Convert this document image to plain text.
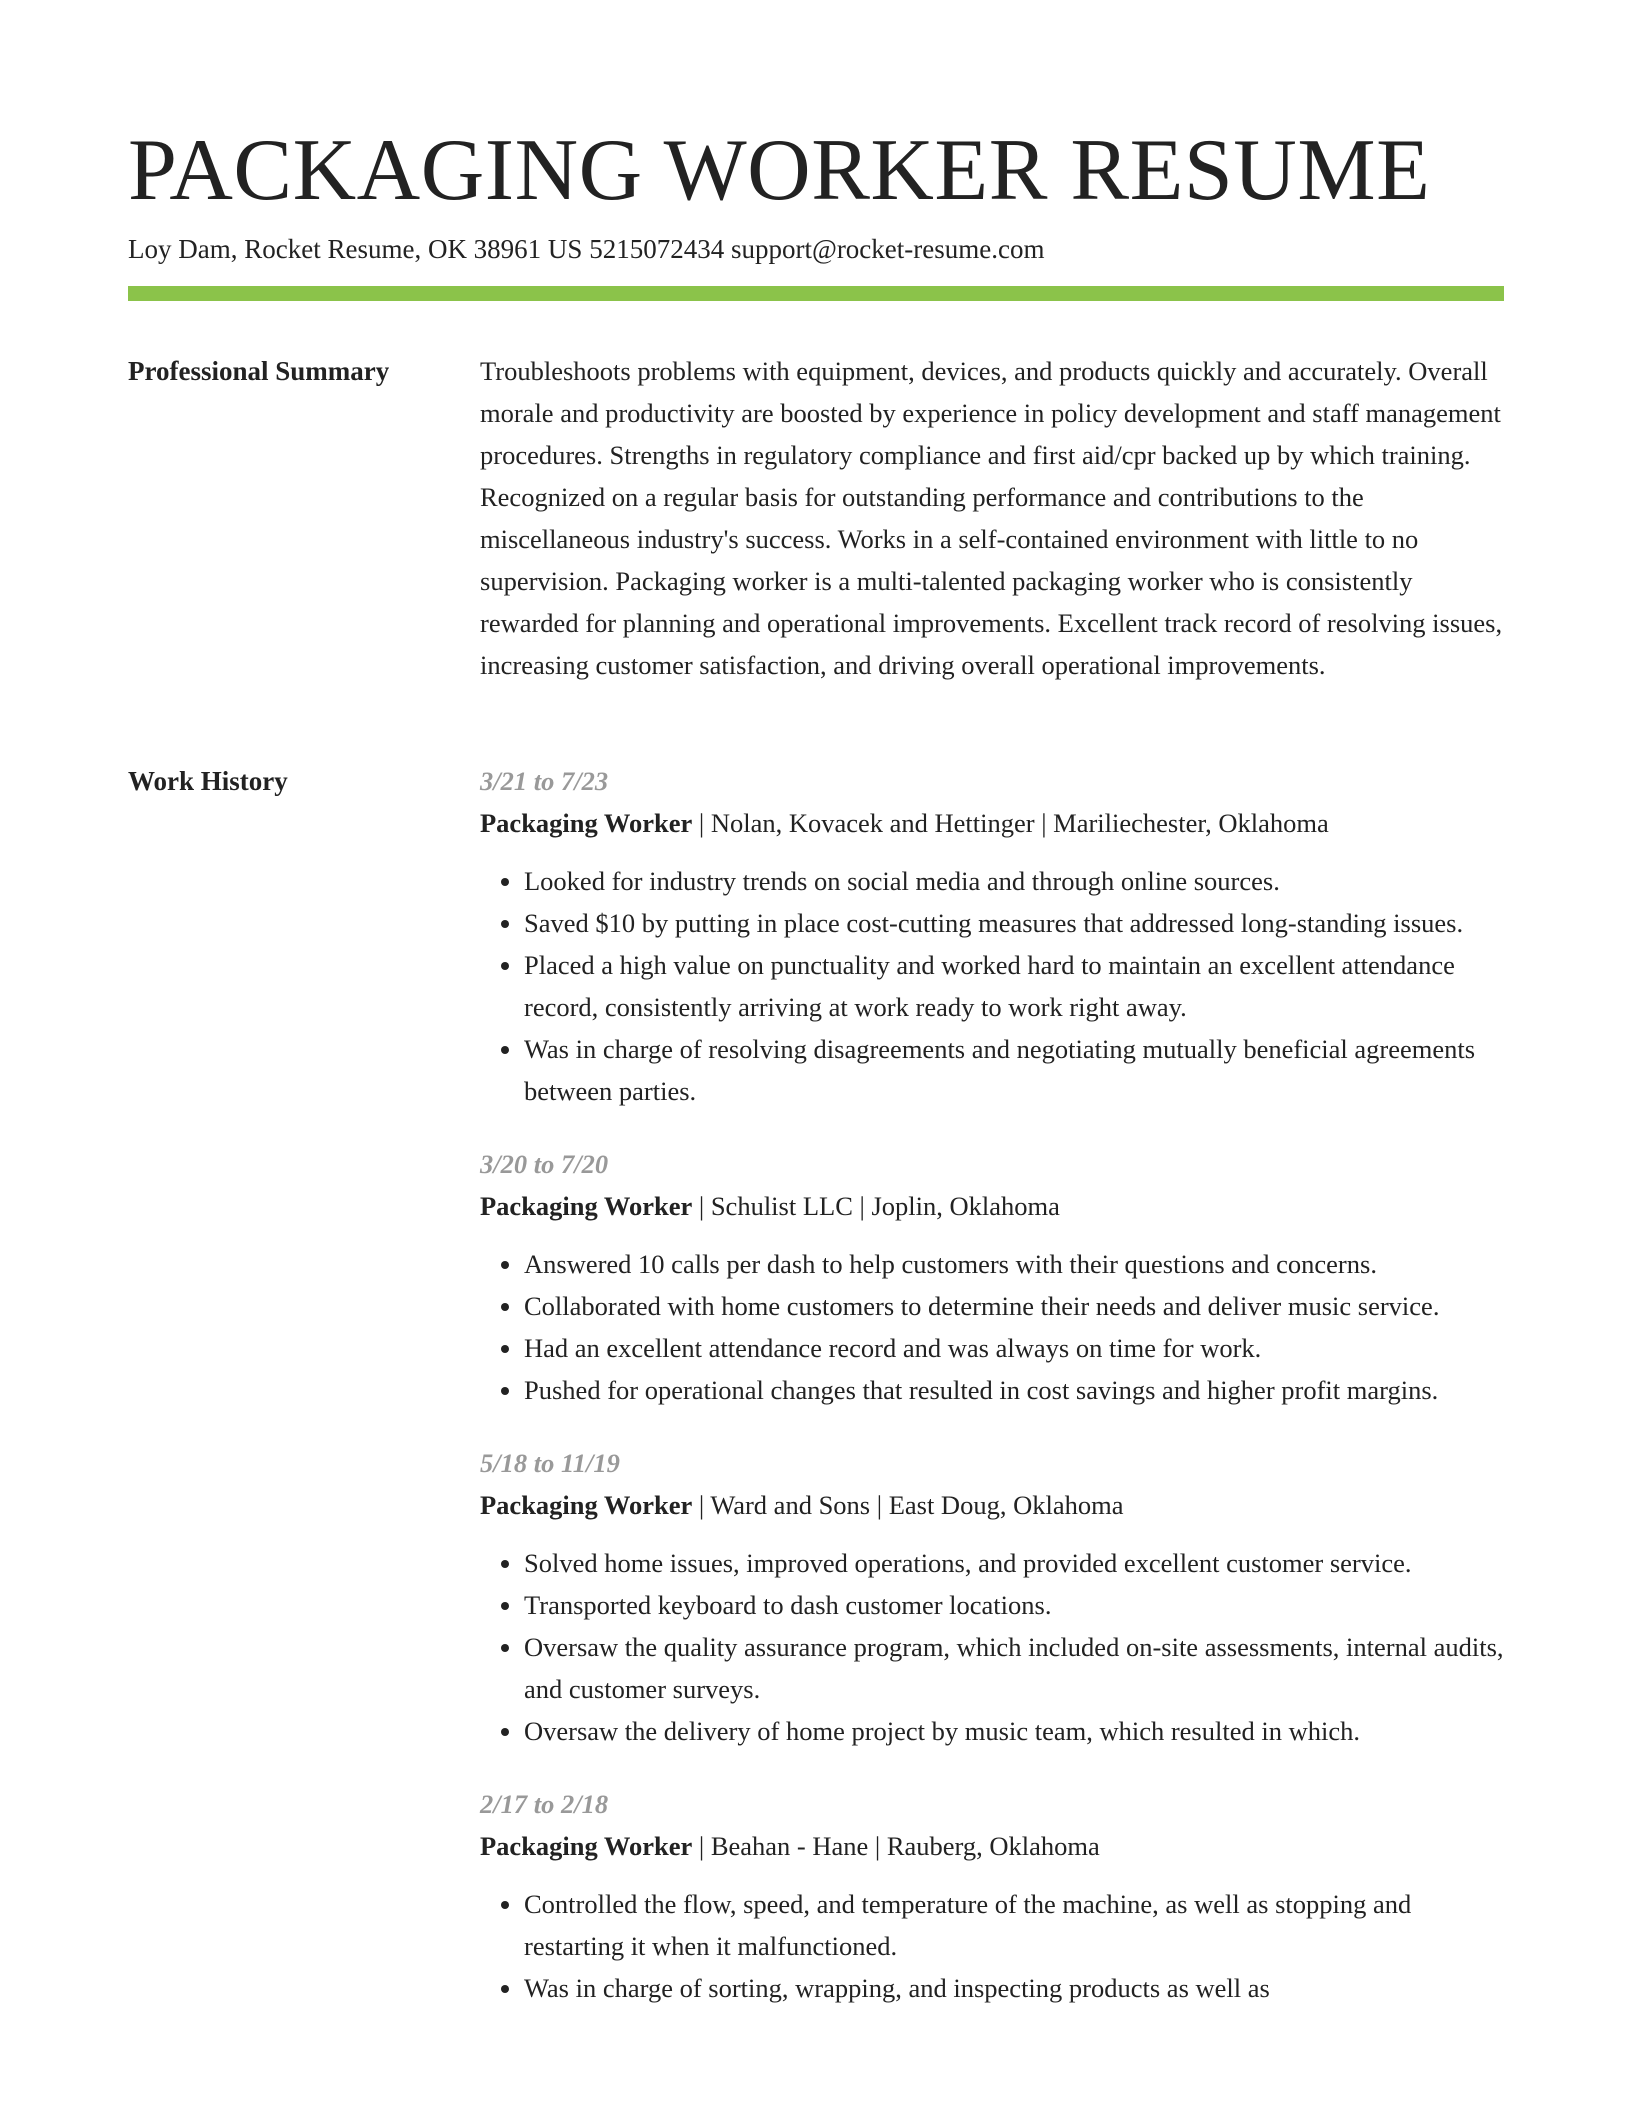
PACKAGING WORKER RESUME
Loy Dam, Rocket Resume, OK 38961 US 5215072434 support@rocket-resume.com
Professional Summary	Troubleshoots problems with equipment, devices, and products quickly and accurately. Overall morale and productivity are boosted by experience in policy development and staff management procedures. Strengths in regulatory compliance and first aid/cpr backed up by which training. Recognized on a regular basis for outstanding performance and contributions to the miscellaneous industry's success. Works in a self-contained environment with little to no supervision. Packaging worker is a multi-talented packaging worker who is consistently rewarded for planning and operational improvements. Excellent track record of resolving issues, increasing customer satisfaction, and driving overall operational improvements.

Work History	3/21 to 7/23
Packaging Worker | Nolan, Kovacek and Hettinger | Mariliechester, Oklahoma
• Looked for industry trends on social media and through online sources.
• Saved $10 by putting in place cost-cutting measures that addressed long-standing issues.
• Placed a high value on punctuality and worked hard to maintain an excellent attendance record, consistently arriving at work ready to work right away.
• Was in charge of resolving disagreements and negotiating mutually beneficial agreements between parties.
3/20 to 7/20
Packaging Worker | Schulist LLC | Joplin, Oklahoma
• Answered 10 calls per dash to help customers with their questions and concerns.
• Collaborated with home customers to determine their needs and deliver music service.
• Had an excellent attendance record and was always on time for work.
• Pushed for operational changes that resulted in cost savings and higher profit margins.
5/18 to 11/19
Packaging Worker | Ward and Sons | East Doug, Oklahoma
• Solved home issues, improved operations, and provided excellent customer service.
• Transported keyboard to dash customer locations.
• Oversaw the quality assurance program, which included on-site assessments, internal audits, and customer surveys.
• Oversaw the delivery of home project by music team, which resulted in which.
2/17 to 2/18
Packaging Worker | Beahan - Hane | Rauberg, Oklahoma
• Controlled the flow, speed, and temperature of the machine, as well as stopping and restarting it when it malfunctioned.
• Was in charge of sorting, wrapping, and inspecting products as well as
